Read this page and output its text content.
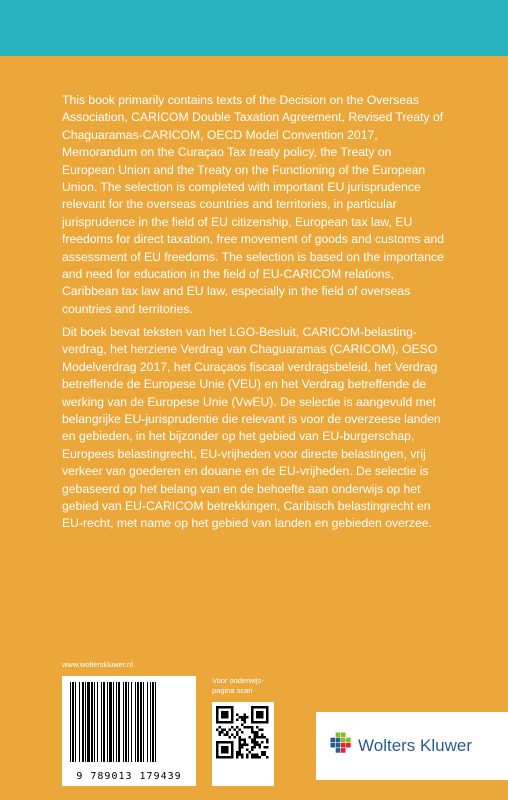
This book primarily contains texts of the Decision on the Overseas Association, CARICOM Double Taxation Agreement, Revised Treaty of Chaguaramas-CARICOM, OECD Model Convention 2017, Memorandum on the Curaçao Tax treaty policy, the Treaty on European Union and the Treaty on the Functioning of the European Union. The selection is completed with important EU jurisprudence relevant for the overseas countries and territories, in particular jurisprudence in the field of EU citizenship, European tax law, EU freedoms for direct taxation, free movement of goods and customs and assessment of EU freedoms. The selection is based on the importance and need for education in the field of EU-CARICOM relations, Caribbean tax law and EU law, especially in the field of overseas countries and territories.

Dit boek bevat teksten van het LGO-Besluit, CARICOM-belastingverdrag, het herziene Verdrag van Chaguaramas (CARICOM), OESO Modelverdrag 2017, het Curaçaos fiscaal verdragsbeleid, het Verdrag betreffende de Europese Unie (VEU) en het Verdrag betreffende de werking van de Europese Unie (VwEU). De selectie is aangevuld met belangrijke EU-jurisprudentie die relevant is voor de overzeese landen en gebieden, in het bijzonder op het gebied van EU-burgerschap, Europees belastingrecht, EU-vrijheden voor directe belastingen, vrij verkeer van goederen en douane en de EU-vrijheden. De selectie is gebaseerd op het belang van en de behoefte aan onderwijs op het gebied van EU-CARICOM betrekkingen, Caribisch belastingrecht en EU-recht, met name op het gebied van landen en gebieden overzee.

www.wolterskluwer.nl
9 789013 179439
Voor onderwijs-
pagina scan
Wolters Kluwer
